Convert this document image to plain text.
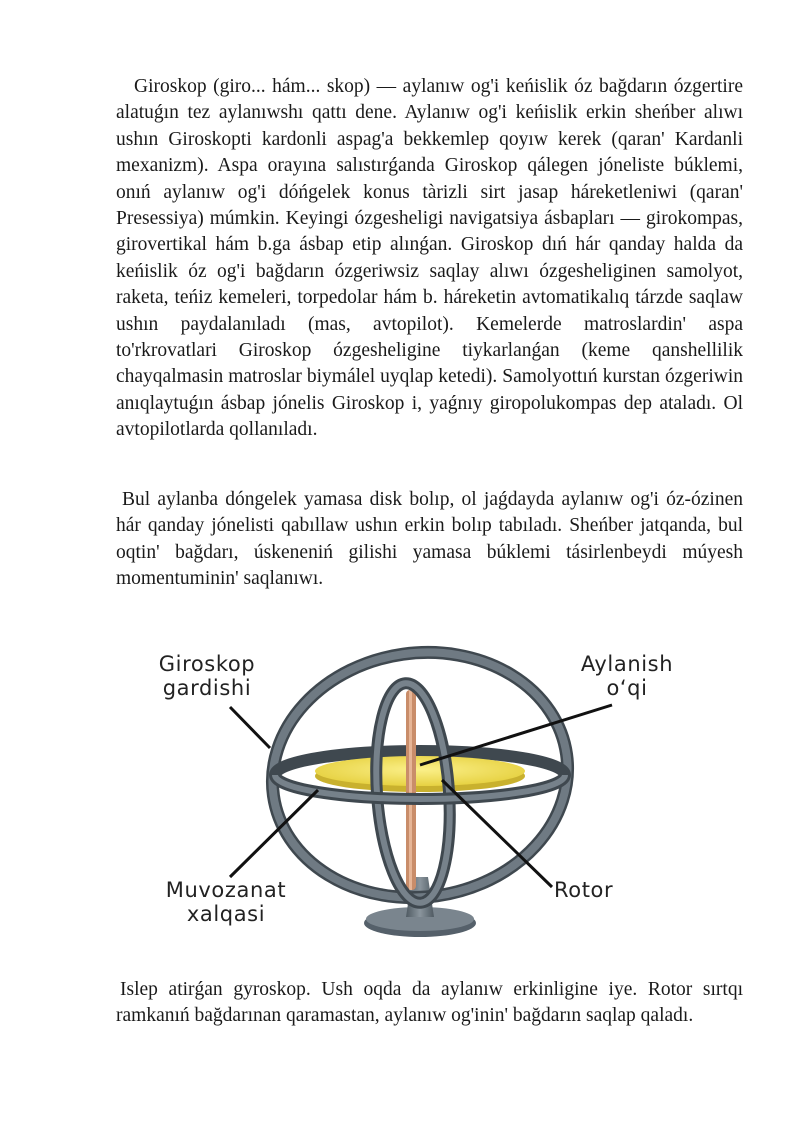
Giroskop (giro... hám... skop) — aylanıw og'i keńislik óz bağdarın ózgertire alatuǵın tez aylanıwshı qattı dene. Aylanıw og'i keńislik erkin sheńber alıwı ushın Giroskopti kardonli aspag'a bekkemlep qoyıw kerek (qaran' Kardanli mexanizm). Aspa orayına salıstırǵanda Giroskop qálegen jóneliste búklemi, onıń aylanıw og'i dóńgelek konus tàrizli sirt jasap háreketleniwi (qaran' Presessiya) múmkin. Keyingi ózgesheligi navigatsiya ásbapları — girokompas, girovertikal hám b.ga ásbap etip alınǵan. Giroskop dıń hár qanday halda da keńislik óz og'i bağdarın ózgeriwsiz saqlay alıwı ózgesheliginen samolyot, raketa, teńiz kemeleri, torpedolar hám b. háreketin avtomatikalıq tárzde saqlaw ushın paydalanıladı (mas, avtopilot). Kemelerde matroslardin' aspa to'rkrovatlari Giroskop ózgesheligine tiykarlanǵan (keme qanshellilik chayqalmasin matroslar biymálel uyqlap ketedi). Samolyottıń kurstan ózgeriwin anıqlaytuǵın ásbap jónelis Giroskop i, yaǵnıy giropolukompas dep ataladı. Ol avtopilotlarda qollanıladı.

Bul aylanba dóngelek yamasa disk bolıp, ol jaǵdayda aylanıw og'i óz-ózinen hár qanday jónelisti qabıllaw ushın erkin bolıp tabıladı. Sheńber jatqanda, bul oqtin' bağdarı, úskeneniń gilishi yamasa búklemi tásirlenbeydi múyesh momentuminin' saqlanıwı.

Giroskop
gardishi
Aylanish
o‘qi
Muvozanat
xalqasi
Rotor

Islep atirǵan gyroskop. Ush oqda da aylanıw erkinligine iye. Rotor sırtqı ramkanıń bağdarınan qaramastan, aylanıw og'inin' bağdarın saqlap qaladı.
